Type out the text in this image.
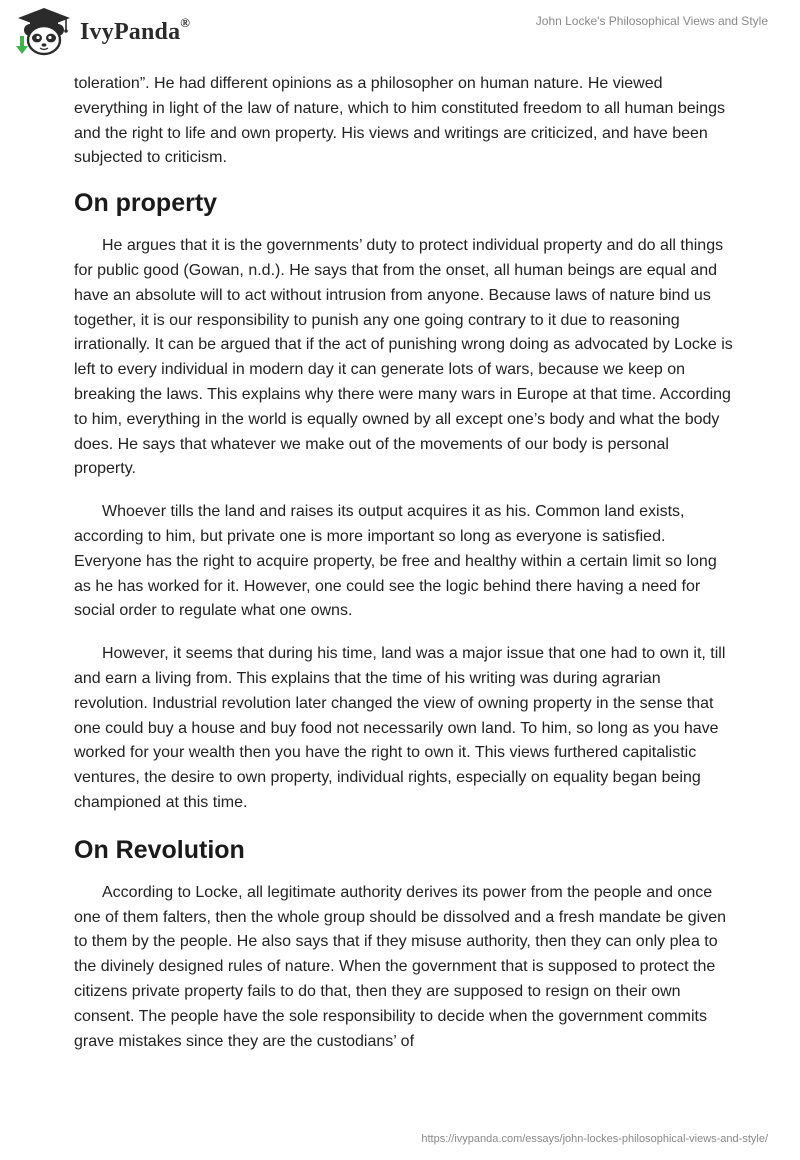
IvyPanda®	John Locke's Philosophical Views and Style

toleration”. He had different opinions as a philosopher on human nature. He viewed everything in light of the law of nature, which to him constituted freedom to all human beings and the right to life and own property. His views and writings are criticized, and have been subjected to criticism.

On property

He argues that it is the governments’ duty to protect individual property and do all things for public good (Gowan, n.d.). He says that from the onset, all human beings are equal and have an absolute will to act without intrusion from anyone. Because laws of nature bind us together, it is our responsibility to punish any one going contrary to it due to reasoning irrationally. It can be argued that if the act of punishing wrong doing as advocated by Locke is left to every individual in modern day it can generate lots of wars, because we keep on breaking the laws. This explains why there were many wars in Europe at that time. According to him, everything in the world is equally owned by all except one’s body and what the body does. He says that whatever we make out of the movements of our body is personal property.

Whoever tills the land and raises its output acquires it as his. Common land exists, according to him, but private one is more important so long as everyone is satisfied. Everyone has the right to acquire property, be free and healthy within a certain limit so long as he has worked for it. However, one could see the logic behind there having a need for social order to regulate what one owns.

However, it seems that during his time, land was a major issue that one had to own it, till and earn a living from. This explains that the time of his writing was during agrarian revolution. Industrial revolution later changed the view of owning property in the sense that one could buy a house and buy food not necessarily own land. To him, so long as you have worked for your wealth then you have the right to own it. This views furthered capitalistic ventures, the desire to own property, individual rights, especially on equality began being championed at this time.

On Revolution

According to Locke, all legitimate authority derives its power from the people and once one of them falters, then the whole group should be dissolved and a fresh mandate be given to them by the people. He also says that if they misuse authority, then they can only plea to the divinely designed rules of nature. When the government that is supposed to protect the citizens private property fails to do that, then they are supposed to resign on their own consent. The people have the sole responsibility to decide when the government commits grave mistakes since they are the custodians’ of

https://ivypanda.com/essays/john-lockes-philosophical-views-and-style/
